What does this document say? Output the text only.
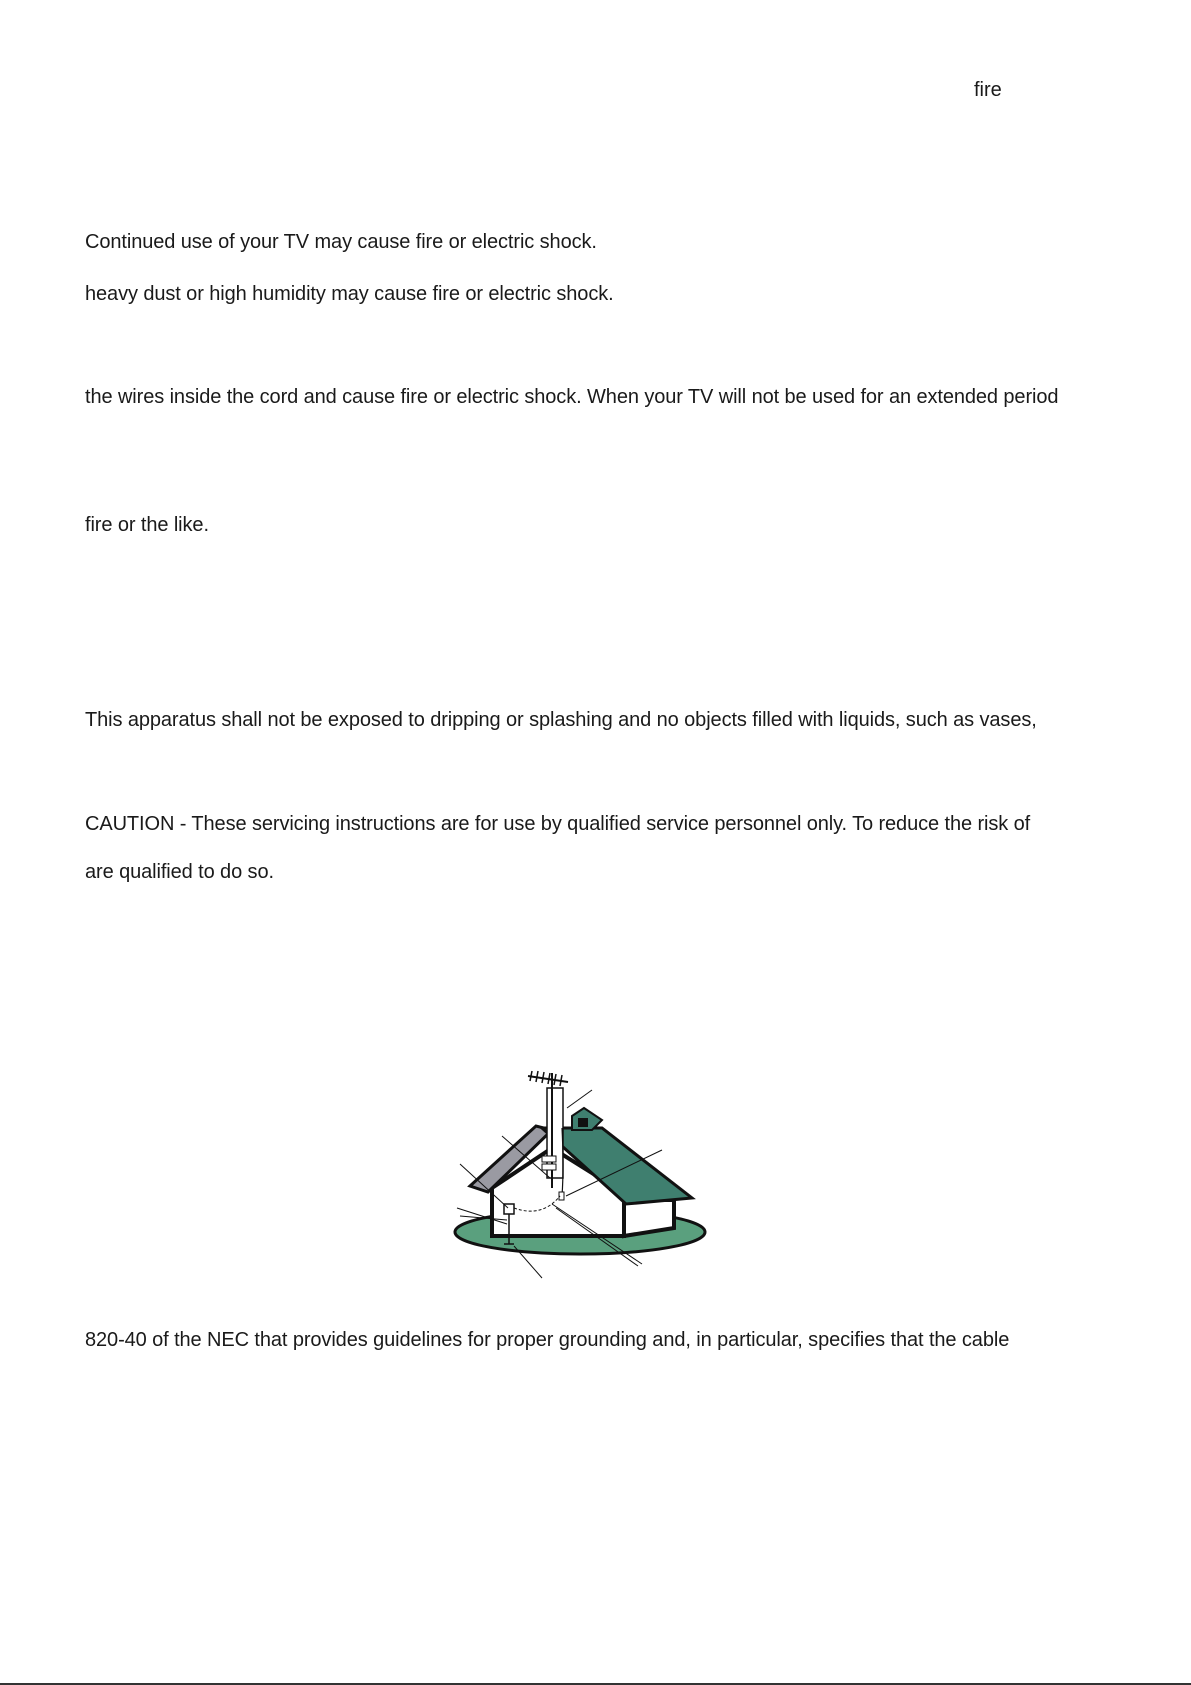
fire
Continued use of your TV may cause fire or electric shock.
heavy dust or high humidity may cause fire or electric shock.
the wires inside the cord and cause fire or electric shock. When your TV will not be used for an extended period
fire or the like.
This apparatus shall not be exposed to dripping or splashing and no objects filled with liquids, such as vases,
CAUTION - These servicing instructions are for use by qualified service personnel only. To reduce the risk of
are qualified to do so.
820-40 of the NEC that provides guidelines for proper grounding and, in particular, specifies that the cable
